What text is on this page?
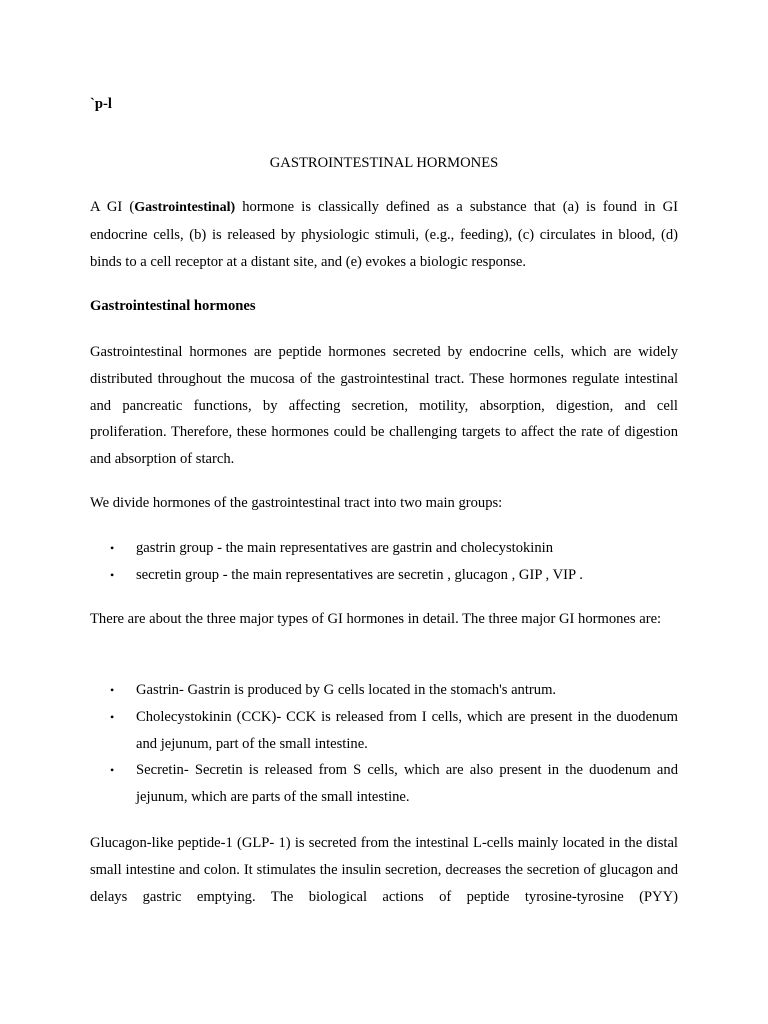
`p-l
GASTROINTESTINAL HORMONES

A GI (Gastrointestinal) hormone is classically defined as a substance that (a) is found in GI endocrine cells, (b) is released by physiologic stimuli, (e.g., feeding), (c) circulates in blood, (d) binds to a cell receptor at a distant site, and (e) evokes a biologic response.

Gastrointestinal hormones

Gastrointestinal hormones are peptide hormones secreted by endocrine cells, which are widely distributed throughout the mucosa of the gastrointestinal tract. These hormones regulate intestinal and pancreatic functions, by affecting secretion, motility, absorption, digestion, and cell proliferation. Therefore, these hormones could be challenging targets to affect the rate of digestion and absorption of starch.

We divide hormones of the gastrointestinal tract into two main groups:

• gastrin group - the main representatives are gastrin and cholecystokinin
• secretin group - the main representatives are secretin , glucagon , GIP , VIP .

There are about the three major types of GI hormones in detail. The three major GI hormones are:

• Gastrin- Gastrin is produced by G cells located in the stomach's antrum.
• Cholecystokinin (CCK)- CCK is released from I cells, which are present in the duodenum and jejunum, part of the small intestine.
• Secretin- Secretin is released from S cells, which are also present in the duodenum and jejunum, which are parts of the small intestine.

Glucagon-like peptide-1 (GLP- 1) is secreted from the intestinal L-cells mainly located in the distal small intestine and colon. It stimulates the insulin secretion, decreases the secretion of glucagon and delays gastric emptying. The biological actions of peptide tyrosine-tyrosine (PYY)
